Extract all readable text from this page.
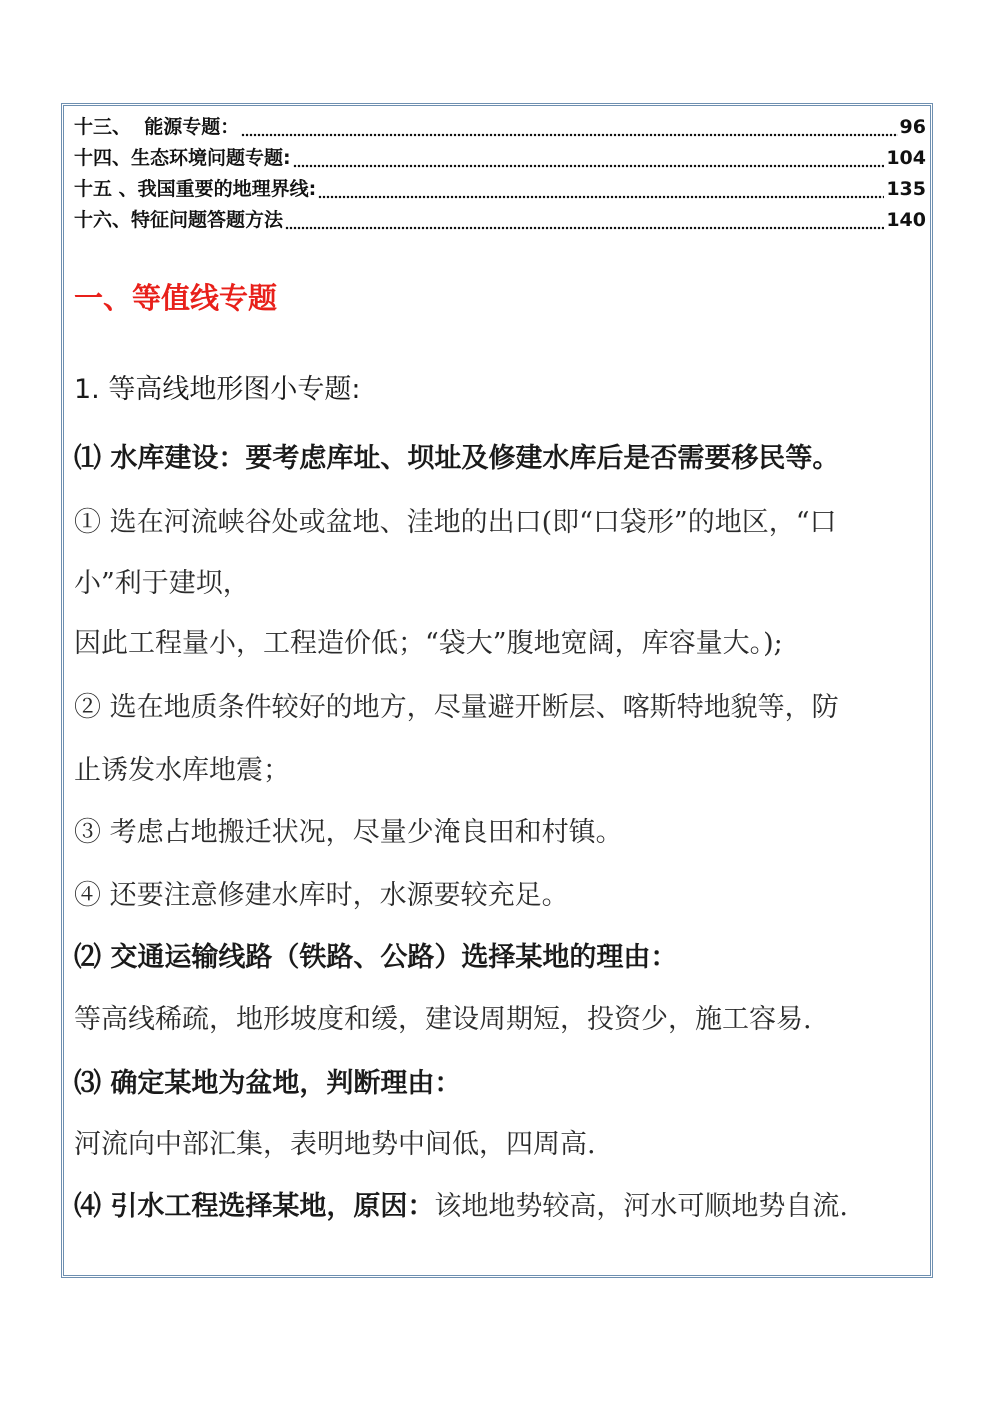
十三、  能源专题：	96
十四、生态环境问题专题:	104
十五 、我国重要的地理界线:	135
十六、特征问题答题方法	140
一、等值线专题
1. 等高线地形图小专题:
⑴ 水库建设：要考虑库址、坝址及修建水库后是否需要移民等。
① 选在河流峡谷处或盆地、洼地的出口(即“口袋形”的地区，“口
小”利于建坝，
因此工程量小，工程造价低；“袋大”腹地宽阔，库容量大。);
② 选在地质条件较好的地方，尽量避开断层、喀斯特地貌等，防
止诱发水库地震；
③ 考虑占地搬迁状况，尽量少淹良田和村镇。
④ 还要注意修建水库时，水源要较充足。
⑵ 交通运输线路（铁路、公路）选择某地的理由：
等高线稀疏，地形坡度和缓，建设周期短，投资少，施工容易.
⑶ 确定某地为盆地，判断理由：
河流向中部汇集，表明地势中间低，四周高.
⑷ 引水工程选择某地，原因：该地地势较高，河水可顺地势自流.
